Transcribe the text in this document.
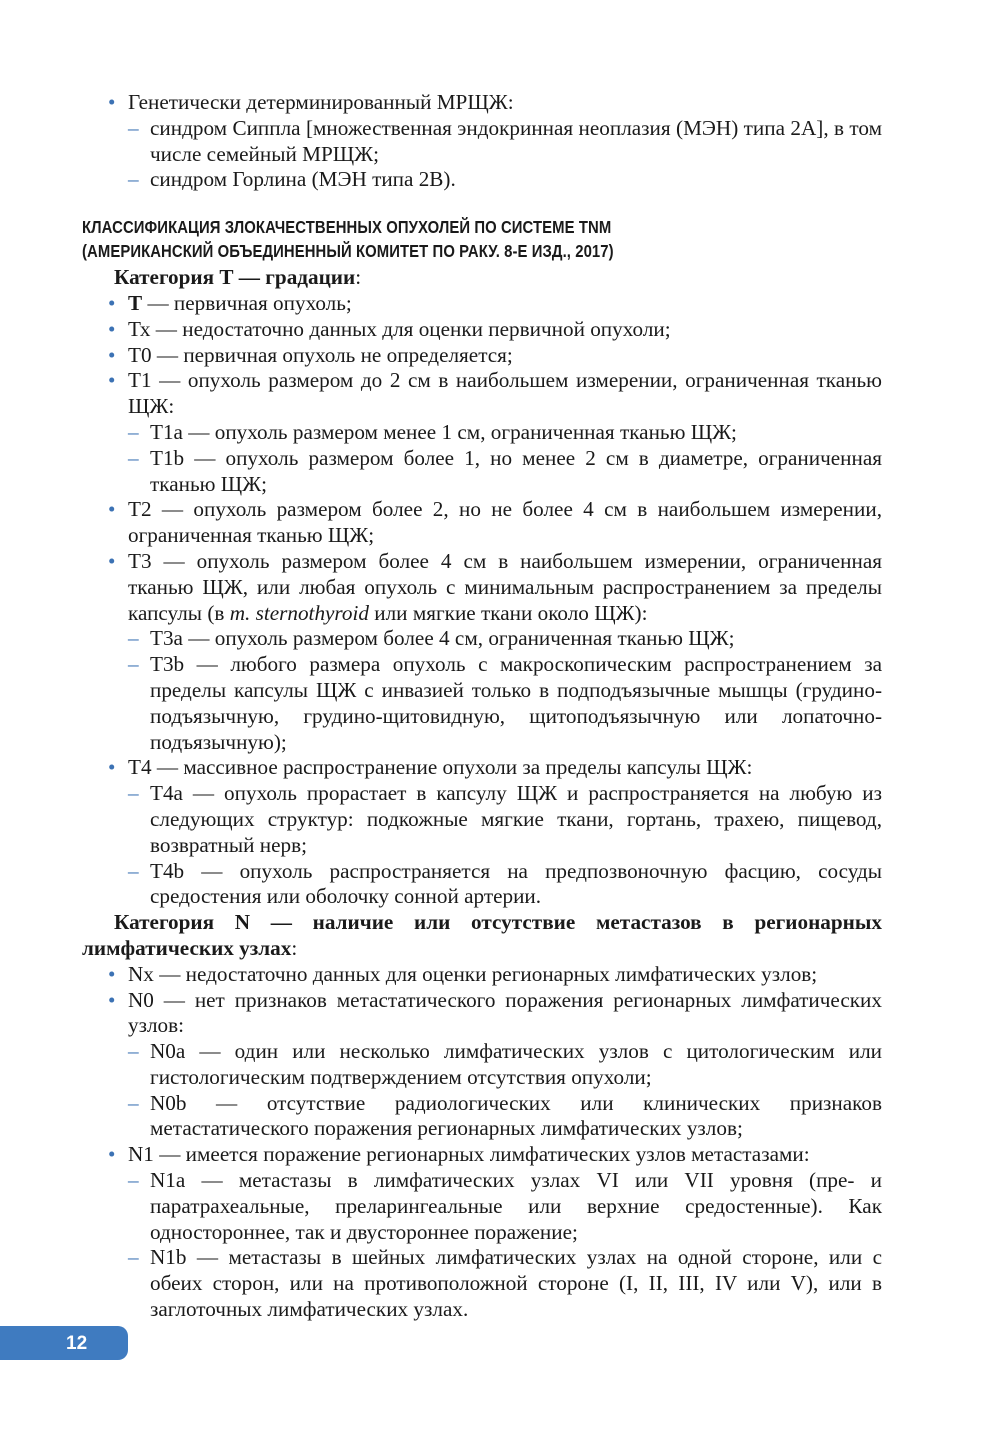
• Генетически детерминированный МРЩЖ:
– синдром Сиппла [множественная эндокринная неоплазия (МЭН) типа 2А], в том числе семейный МРЩЖ;
– синдром Горлина (МЭН типа 2В).
КЛАССИФИКАЦИЯ ЗЛОКАЧЕСТВЕННЫХ ОПУХОЛЕЙ ПО СИСТЕМЕ TNM
(АМЕРИКАНСКИЙ ОБЪЕДИНЕННЫЙ КОМИТЕТ ПО РАКУ. 8-Е ИЗД., 2017)
Категория Т — градации:
• Т — первичная опухоль;
• Тх — недостаточно данных для оценки первичной опухоли;
• Т0 — первичная опухоль не определяется;
• Т1 — опухоль размером до 2 см в наибольшем измерении, ограниченная тканью ЩЖ:
– T1a — опухоль размером менее 1 см, ограниченная тканью ЩЖ;
– T1b — опухоль размером более 1, но менее 2 см в диаметре, ограниченная тканью ЩЖ;
• Т2 — опухоль размером более 2, но не более 4 см в наибольшем измерении, ограниченная тканью ЩЖ;
• Т3 — опухоль размером более 4 см в наибольшем измерении, ограниченная тканью ЩЖ, или любая опухоль с минимальным распространением за пределы капсулы (в m. sternothyroid или мягкие ткани около ЩЖ):
– T3a — опухоль размером более 4 см, ограниченная тканью ЩЖ;
– T3b — любого размера опухоль с макроскопическим распространением за пределы капсулы ЩЖ с инвазией только в подподъязычные мышцы (грудино-подъязычную, грудино-щитовидную, щитоподъязычную или лопаточно-подъязычную);
• Т4 — массивное распространение опухоли за пределы капсулы ЩЖ:
– T4a — опухоль прорастает в капсулу ЩЖ и распространяется на любую из следующих структур: подкожные мягкие ткани, гортань, трахею, пищевод, возвратный нерв;
– T4b — опухоль распространяется на предпозвоночную фасцию, сосуды средостения или оболочку сонной артерии.
Категория N — наличие или отсутствие метастазов в регионарных лимфатических узлах:
• Nx — недостаточно данных для оценки регионарных лимфатических узлов;
• N0 — нет признаков метастатического поражения регионарных лимфатических узлов:
– N0a — один или несколько лимфатических узлов с цитологическим или гистологическим подтверждением отсутствия опухоли;
– N0b — отсутствие радиологических или клинических признаков метастатического поражения регионарных лимфатических узлов;
• N1 — имеется поражение регионарных лимфатических узлов метастазами:
– N1a — метастазы в лимфатических узлах VI или VII уровня (пре- и паратрахеальные, преларингеальные или верхние средостенные). Как одностороннее, так и двустороннее поражение;
– N1b — метастазы в шейных лимфатических узлах на одной стороне, или с обеих сторон, или на противоположной стороне (I, II, III, IV или V), или в заглоточных лимфатических узлах.
12
